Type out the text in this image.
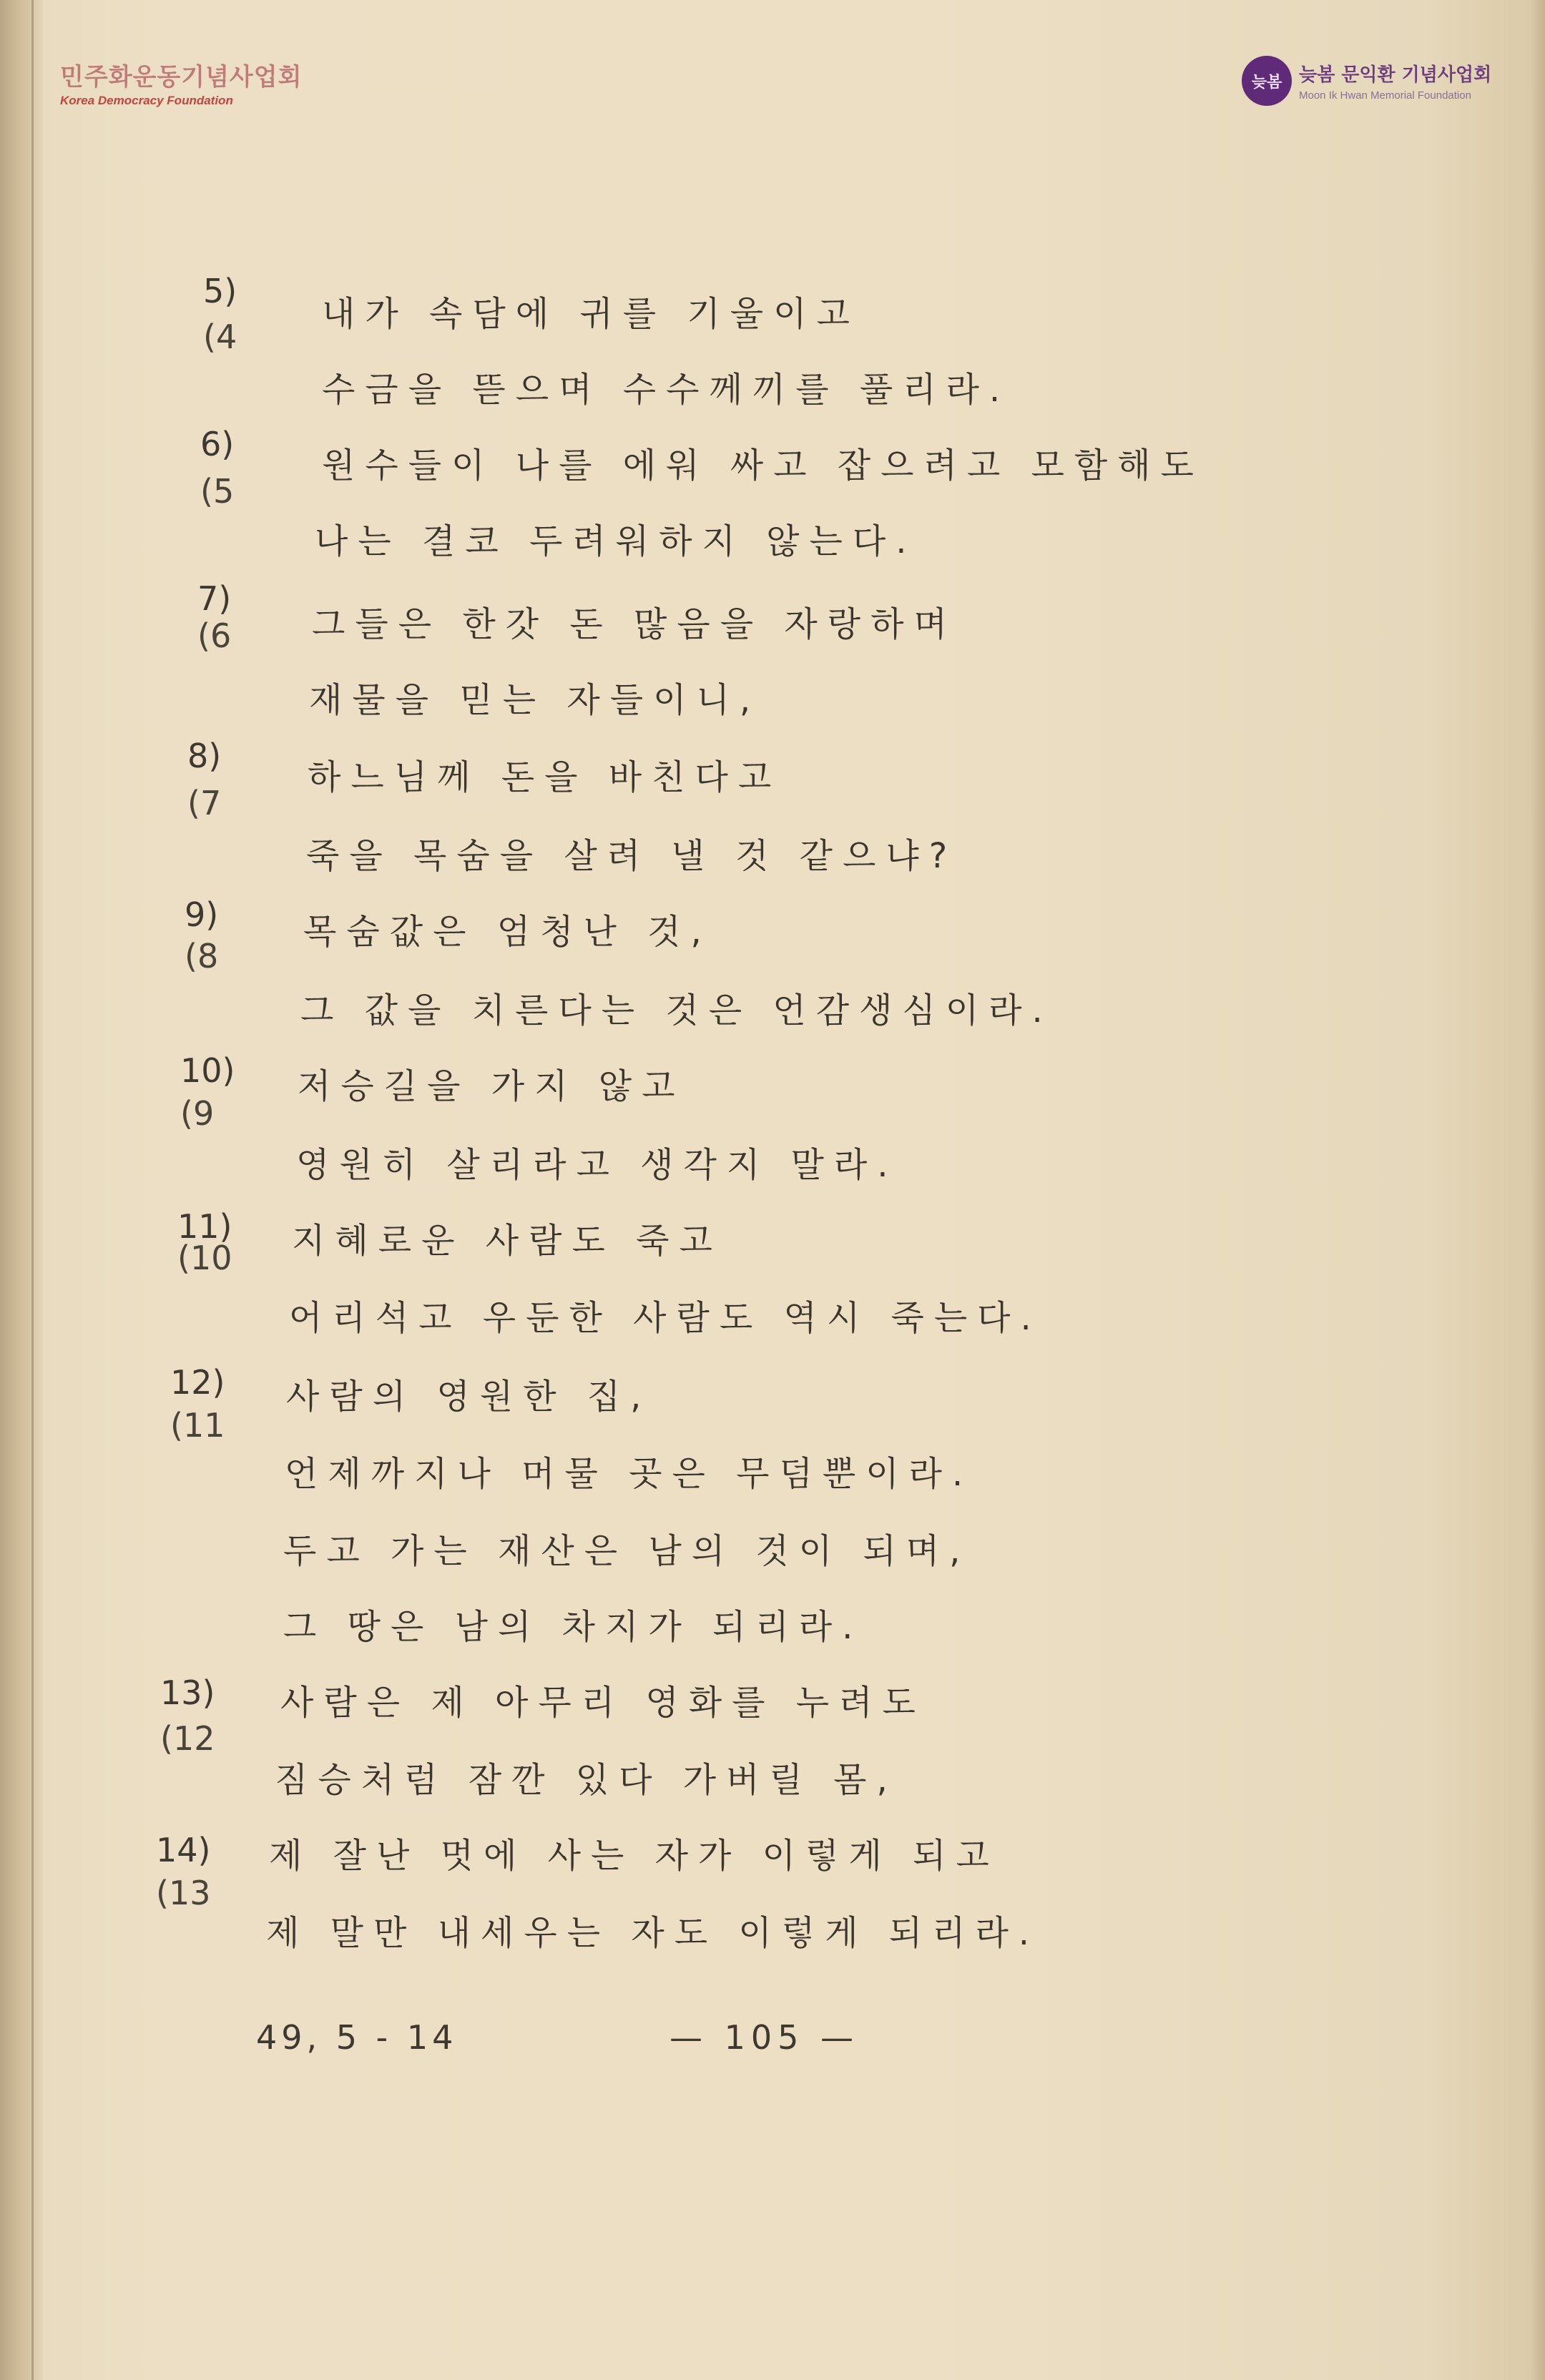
민주화운동기념사업회
Korea Democracy Foundation
늦봄 늦봄 문익환 기념사업회
Moon Ik Hwan Memorial Foundation
5)
(4
내가 속담에 귀를 기울이고
수금을 뜯으며 수수께끼를 풀리라.
6)
(5
원수들이 나를 에워 싸고 잡으려고 모함해도
나는 결코 두려워하지 않는다.
7)
(6 그들은 한갓 돈 많음을 자랑하며
재물을 믿는 자들이니,
8)
(7
하느님께 돈을 바친다고
죽을 목숨을 살려 낼 것 같으냐?
9)
(8
목숨값은 엄청난 것,
그 값을 치른다는 것은 언감생심이라.
10)
(9
저승길을 가지 않고
영원히 살리라고 생각지 말라.
11)
(10 지혜로운 사람도 죽고
어리석고 우둔한 사람도 역시 죽는다.
12)
(11
사람의 영원한 집,
언제까지나 머물 곳은 무덤뿐이라.
두고 가는 재산은 남의 것이 되며,
그 땅은 남의 차지가 되리라.
13)
(12
사람은 제 아무리 영화를 누려도
짐승처럼 잠깐 있다 가버릴 몸,
14)
(13
제 잘난 멋에 사는 자가 이렇게 되고
제 말만 내세우는 자도 이렇게 되리라.
49, 5 - 14	— 105 —
